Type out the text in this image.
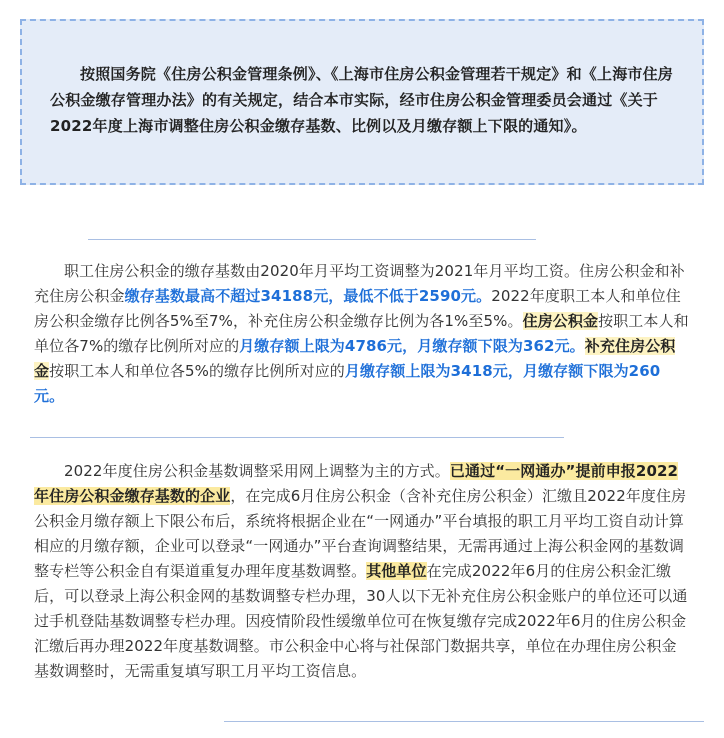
按照国务院《住房公积金管理条例》、《上海市住房公积金管理若干规定》和《上海市住房公积金缴存管理办法》的有关规定，结合本市实际，经市住房公积金管理委员会通过《关于2022年度上海市调整住房公积金缴存基数、比例以及月缴存额上下限的通知》。

职工住房公积金的缴存基数由2020年月平均工资调整为2021年月平均工资。住房公积金和补充住房公积金缴存基数最高不超过34188元，最低不低于2590元。2022年度职工本人和单位住房公积金缴存比例各5%至7%，补充住房公积金缴存比例为各1%至5%。住房公积金按职工本人和单位各7%的缴存比例所对应的月缴存额上限为4786元，月缴存额下限为362元。补充住房公积金按职工本人和单位各5%的缴存比例所对应的月缴存额上限为3418元，月缴存额下限为260元。

2022年度住房公积金基数调整采用网上调整为主的方式。已通过“一网通办”提前申报2022年住房公积金缴存基数的企业，在完成6月住房公积金（含补充住房公积金）汇缴且2022年度住房公积金月缴存额上下限公布后，系统将根据企业在“一网通办”平台填报的职工月平均工资自动计算相应的月缴存额，企业可以登录“一网通办”平台查询调整结果，无需再通过上海公积金网的基数调整专栏等公积金自有渠道重复办理年度基数调整。其他单位在完成2022年6月的住房公积金汇缴后，可以登录上海公积金网的基数调整专栏办理，30人以下无补充住房公积金账户的单位还可以通过手机登陆基数调整专栏办理。因疫情阶段性缓缴单位可在恢复缴存完成2022年6月的住房公积金汇缴后再办理2022年度基数调整。市公积金中心将与社保部门数据共享，单位在办理住房公积金基数调整时，无需重复填写职工月平均工资信息。
